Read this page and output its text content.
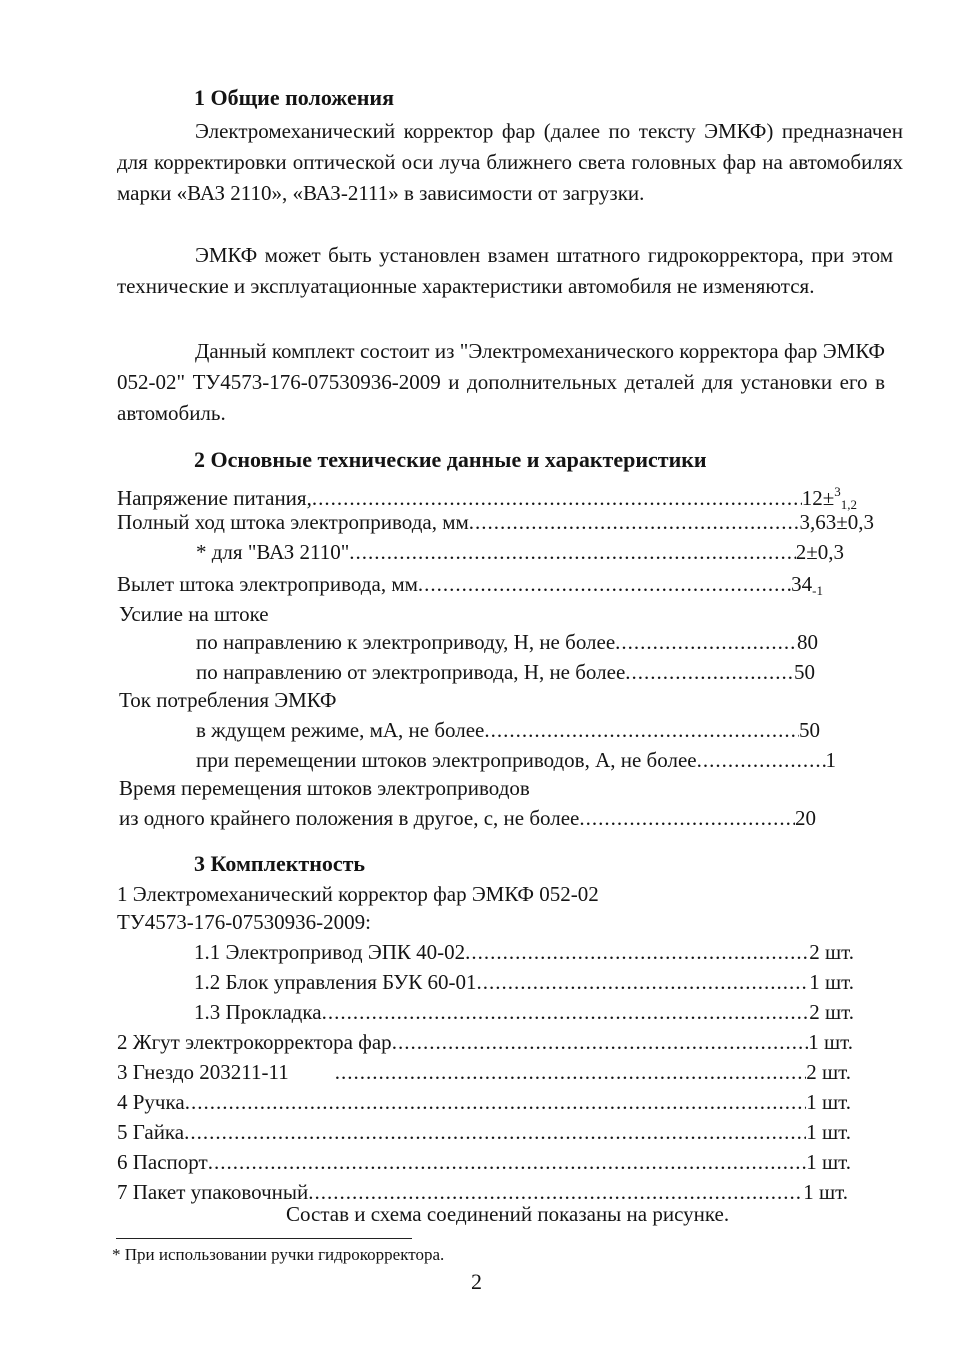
1 Общие положения

Электромеханический корректор фар (далее по тексту ЭМКФ) предназначен для корректировки оптической оси луча ближнего света головных фар на автомобилях марки «ВАЗ 2110», «ВАЗ-2111» в зависимости от загрузки.

ЭМКФ может быть установлен взамен штатного гидрокорректора, при этом технические и эксплуатационные характеристики автомобиля не изменяются.

Данный комплект состоит из "Электромеханического корректора фар ЭМКФ 052-02" ТУ4573-176-07530936-2009 и дополнительных деталей для установки его в автомобиль.

2 Основные технические данные и характеристики
Напряжение питания, .....	12±$^3_{1,2}$
Полный ход штока электропривода, мм .....	3,63±0,3
* для "ВАЗ 2110" .....	2±0,3
Вылет штока электропривода, мм .....	$34_{-1}$
Усилие на штоке
по направлению к электроприводу, Н, не более .....	80
по направлению от электропривода, Н, не более .....	50
Ток потребления ЭМКФ
в ждущем режиме, мА, не более .....	50
при перемещении штоков электроприводов, А, не более .....	1
Время перемещения штоков электроприводов
из одного крайнего положения в другое, с, не более .....	20
3 Комплектность
1 Электромеханический корректор фар ЭМКФ 052-02
ТУ4573-176-07530936-2009:
1.1 Электропривод ЭПК 40-02 .....	2 шт.
1.2 Блок управления БУК 60-01 .....	1 шт.
1.3 Прокладка .....	2 шт.
2 Жгут электрокорректора фар .....	1 шт.
3 Гнездо 203211-11 .....	2 шт.
4 Ручка .....	1 шт.
5 Гайка .....	1 шт.
6 Паспорт .....	1 шт.
7 Пакет упаковочный .....	1 шт.
Состав и схема соединений показаны на рисунке.
* При использовании ручки гидрокорректора.
2
